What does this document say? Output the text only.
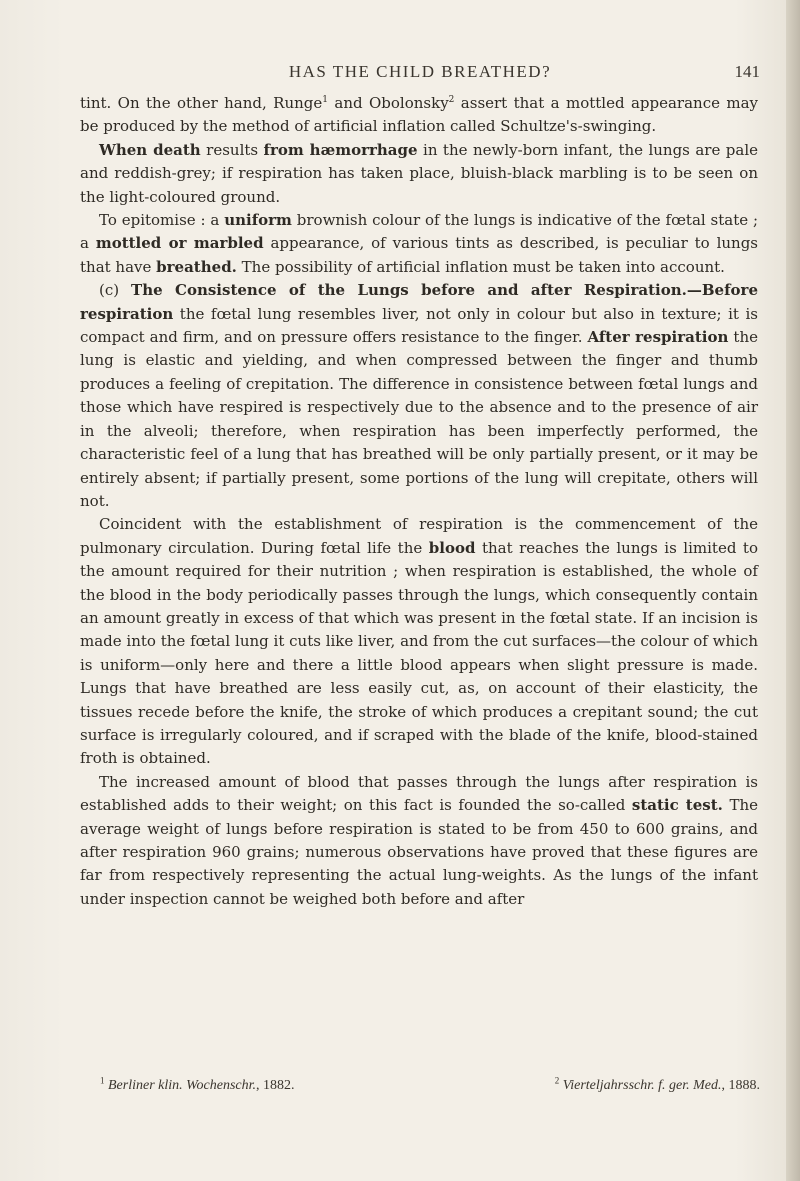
HAS THE CHILD BREATHED?	141

tint. On the other hand, Runge$^1$ and Obolonsky$^2$ assert that a mottled appearance may be produced by the method of artificial inflation called Schultze's-swinging.

When death results from hæmorrhage in the newly-born infant, the lungs are pale and reddish-grey; if respiration has taken place, bluish-black marbling is to be seen on the light-coloured ground.

To epitomise : a uniform brownish colour of the lungs is indicative of the fœtal state ; a mottled or marbled appearance, of various tints as described, is peculiar to lungs that have breathed. The possibility of artificial inflation must be taken into account.

(c) The Consistence of the Lungs before and after Respiration.—Before respiration the fœtal lung resembles liver, not only in colour but also in texture; it is compact and firm, and on pressure offers resistance to the finger. After respiration the lung is elastic and yielding, and when compressed between the finger and thumb produces a feeling of crepitation. The difference in consistence between fœtal lungs and those which have respired is respectively due to the absence and to the presence of air in the alveoli; therefore, when respiration has been imperfectly performed, the characteristic feel of a lung that has breathed will be only partially present, or it may be entirely absent; if partially present, some portions of the lung will crepitate, others will not.

Coincident with the establishment of respiration is the commencement of the pulmonary circulation. During fœtal life the blood that reaches the lungs is limited to the amount required for their nutrition ; when respiration is established, the whole of the blood in the body periodically passes through the lungs, which consequently contain an amount greatly in excess of that which was present in the fœtal state. If an incision is made into the fœtal lung it cuts like liver, and from the cut surfaces—the colour of which is uniform—only here and there a little blood appears when slight pressure is made. Lungs that have breathed are less easily cut, as, on account of their elasticity, the tissues recede before the knife, the stroke of which produces a crepitant sound; the cut surface is irregularly coloured, and if scraped with the blade of the knife, blood-stained froth is obtained.

The increased amount of blood that passes through the lungs after respiration is established adds to their weight; on this fact is founded the so-called static test. The average weight of lungs before respiration is stated to be from 450 to 600 grains, and after respiration 960 grains; numerous observations have proved that these figures are far from respectively representing the actual lung-weights. As the lungs of the infant under inspection cannot be weighed both before and after

$^1$ Berliner klin. Wochenschr., 1882.	$^2$ Vierteljahrsschr. f. ger. Med., 1888.
